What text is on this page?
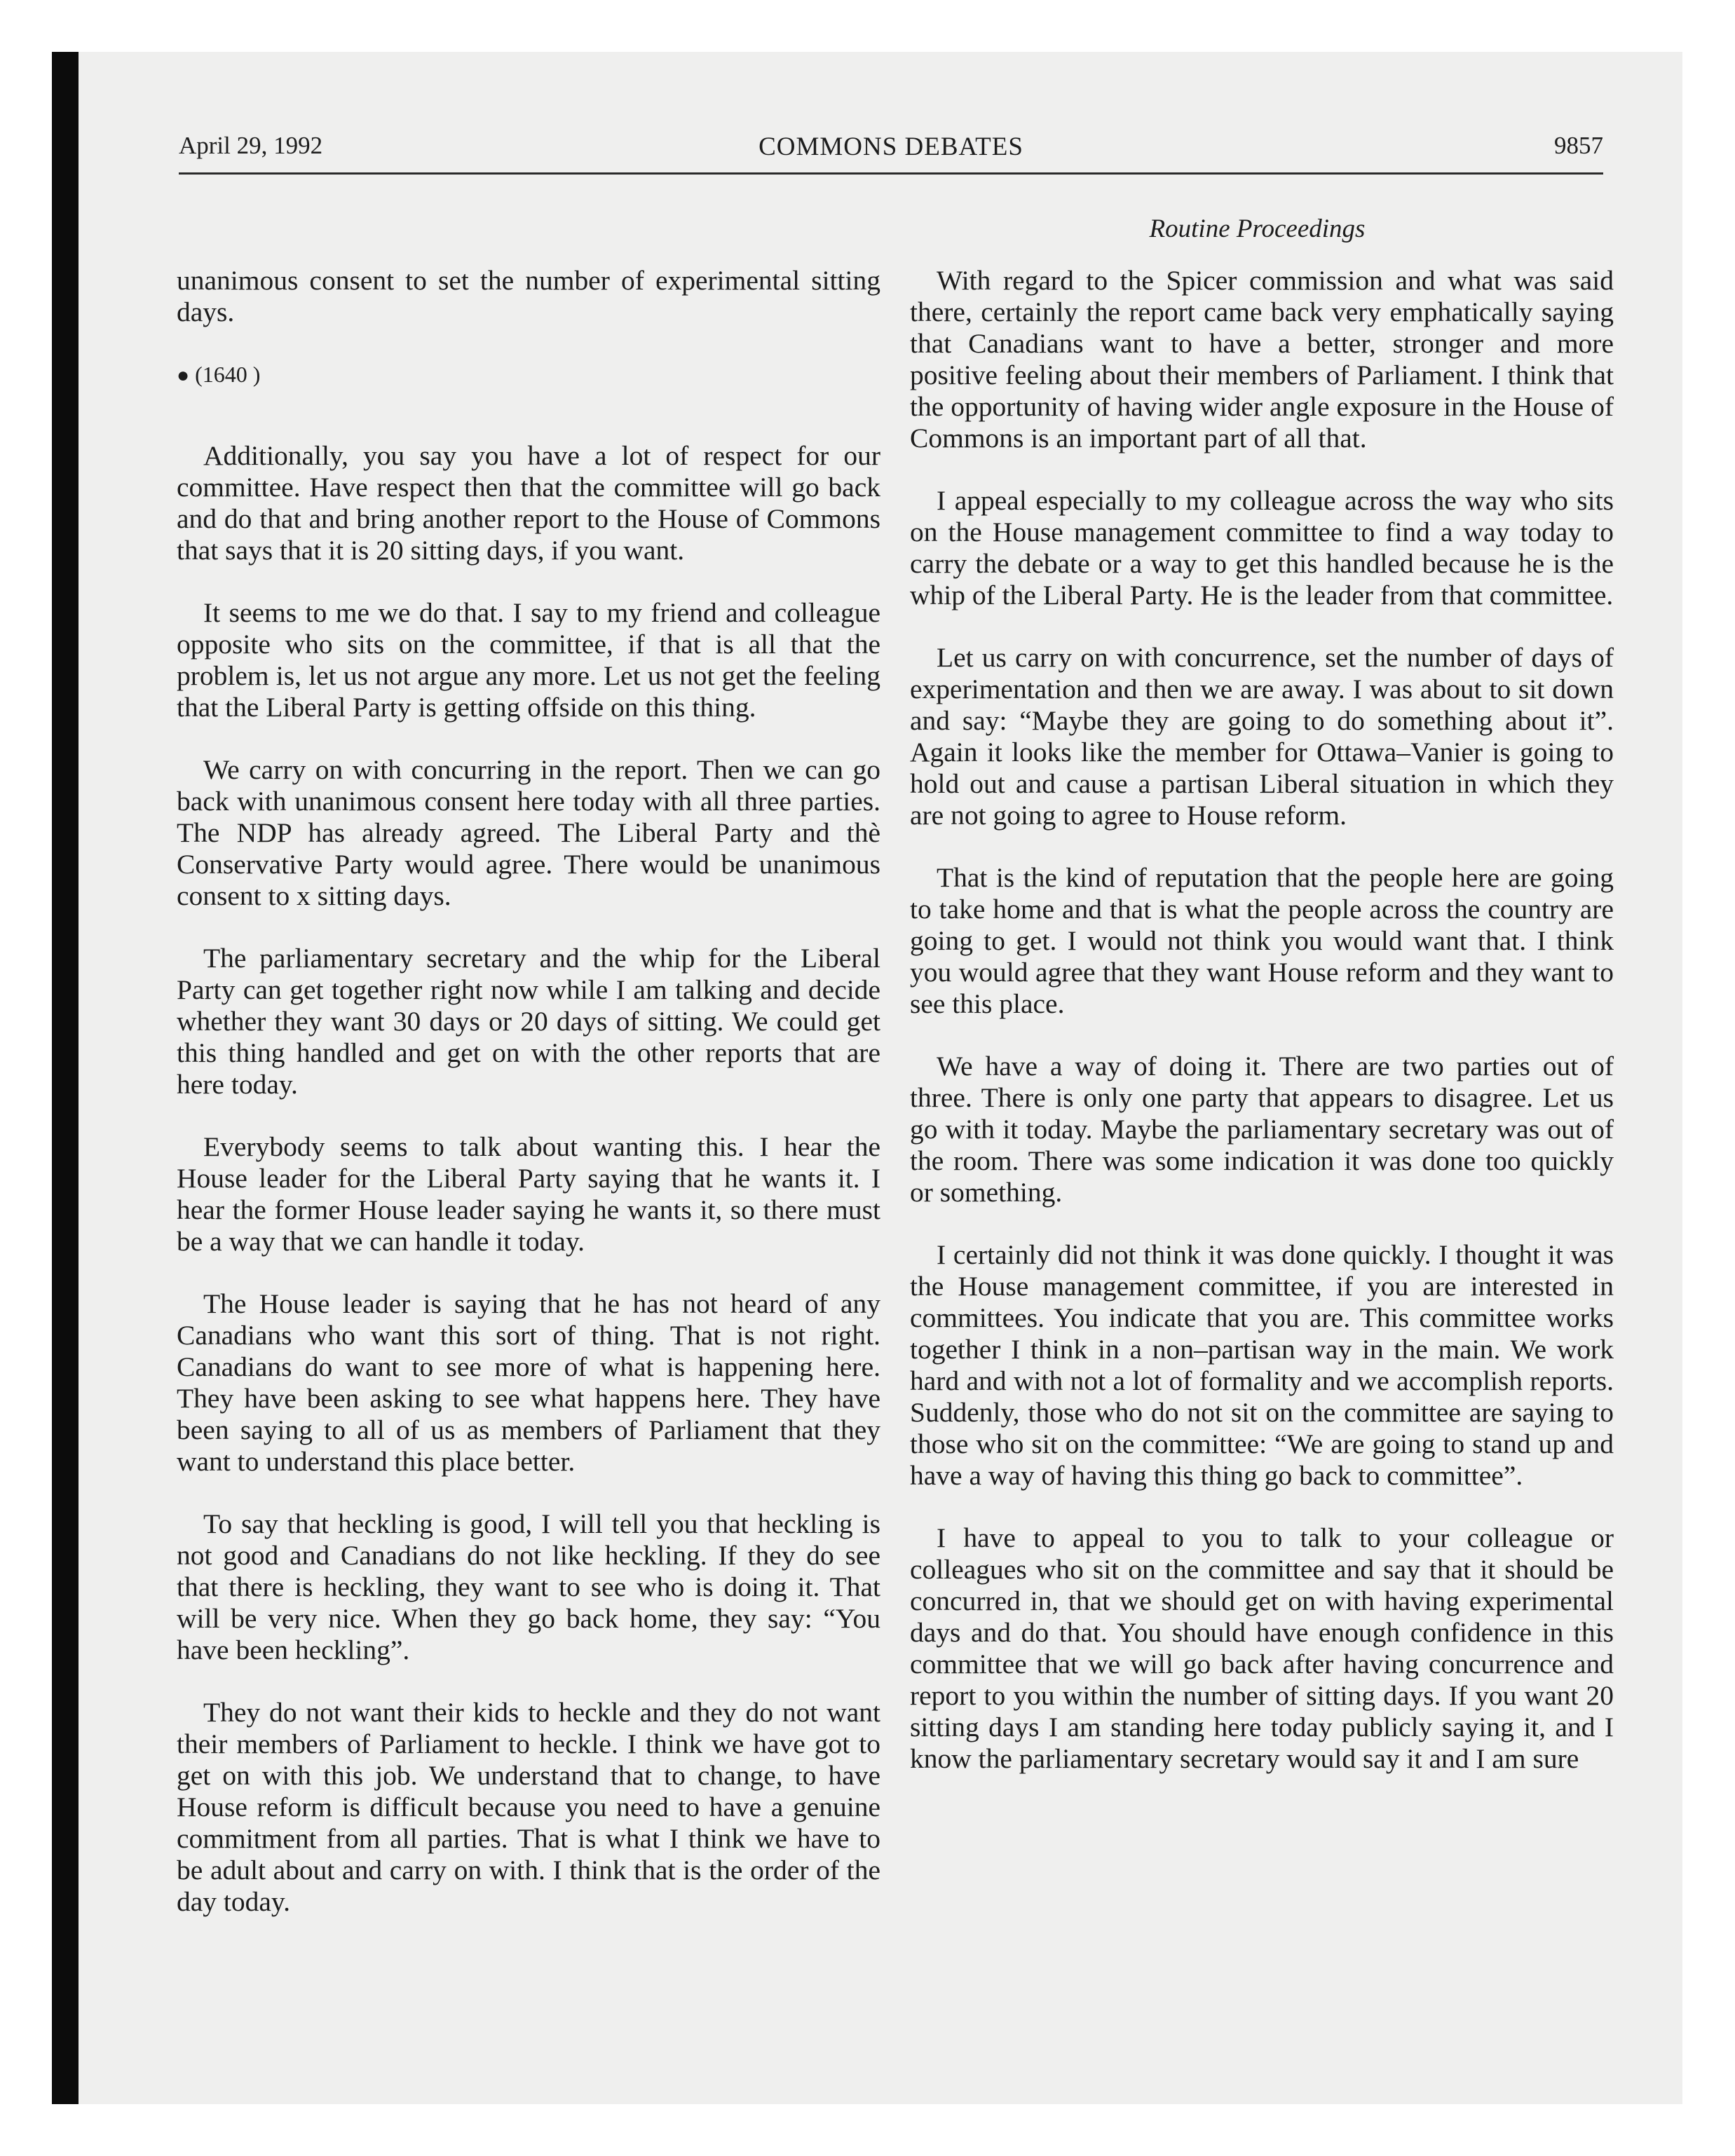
April 29, 1992	COMMONS DEBATES	9857
Routine Proceedings

unanimous consent to set the number of experimental sitting days.

● (1640 )

Additionally, you say you have a lot of respect for our committee. Have respect then that the committee will go back and do that and bring another report to the House of Commons that says that it is 20 sitting days, if you want.

It seems to me we do that. I say to my friend and colleague opposite who sits on the committee, if that is all that the problem is, let us not argue any more. Let us not get the feeling that the Liberal Party is getting offside on this thing.

We carry on with concurring in the report. Then we can go back with unanimous consent here today with all three parties. The NDP has already agreed. The Liberal Party and thè Conservative Party would agree. There would be unanimous consent to x sitting days.

The parliamentary secretary and the whip for the Liberal Party can get together right now while I am talking and decide whether they want 30 days or 20 days of sitting. We could get this thing handled and get on with the other reports that are here today.

Everybody seems to talk about wanting this. I hear the House leader for the Liberal Party saying that he wants it. I hear the former House leader saying he wants it, so there must be a way that we can handle it today.

The House leader is saying that he has not heard of any Canadians who want this sort of thing. That is not right. Canadians do want to see more of what is happening here. They have been asking to see what happens here. They have been saying to all of us as members of Parliament that they want to understand this place better.

To say that heckling is good, I will tell you that heckling is not good and Canadians do not like heckling. If they do see that there is heckling, they want to see who is doing it. That will be very nice. When they go back home, they say: “You have been heckling”.

They do not want their kids to heckle and they do not want their members of Parliament to heckle. I think we have got to get on with this job. We understand that to change, to have House reform is difficult because you need to have a genuine commitment from all parties. That is what I think we have to be adult about and carry on with. I think that is the order of the day today.

With regard to the Spicer commission and what was said there, certainly the report came back very emphatically saying that Canadians want to have a better, stronger and more positive feeling about their members of Parliament. I think that the opportunity of having wider angle exposure in the House of Commons is an important part of all that.

I appeal especially to my colleague across the way who sits on the House management committee to find a way today to carry the debate or a way to get this handled because he is the whip of the Liberal Party. He is the leader from that committee.

Let us carry on with concurrence, set the number of days of experimentation and then we are away. I was about to sit down and say: “Maybe they are going to do something about it”. Again it looks like the member for Ottawa–Vanier is going to hold out and cause a partisan Liberal situation in which they are not going to agree to House reform.

That is the kind of reputation that the people here are going to take home and that is what the people across the country are going to get. I would not think you would want that. I think you would agree that they want House reform and they want to see this place.

We have a way of doing it. There are two parties out of three. There is only one party that appears to disagree. Let us go with it today. Maybe the parliamentary secretary was out of the room. There was some indication it was done too quickly or something.

I certainly did not think it was done quickly. I thought it was the House management committee, if you are interested in committees. You indicate that you are. This committee works together I think in a non–partisan way in the main. We work hard and with not a lot of formality and we accomplish reports. Suddenly, those who do not sit on the committee are saying to those who sit on the committee: “We are going to stand up and have a way of having this thing go back to committee”.

I have to appeal to you to talk to your colleague or colleagues who sit on the committee and say that it should be concurred in, that we should get on with having experimental days and do that. You should have enough confidence in this committee that we will go back after having concurrence and report to you within the number of sitting days. If you want 20 sitting days I am standing here today publicly saying it, and I know the parliamentary secretary would say it and I am sure
